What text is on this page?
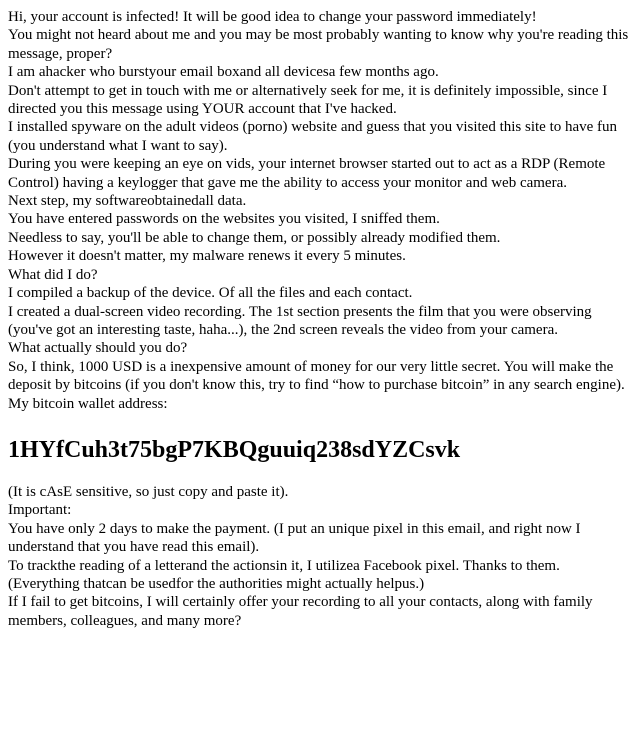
Hi, your account is infected! It will be good idea to change your password immediately!
You might not heard about me and you may be most probably wanting to know why you're reading this message, proper?
I am ahacker who burstyour email boxand all devicesa few months ago.
Don't attempt to get in touch with me or alternatively seek for me, it is definitely impossible, since I directed you this message using YOUR account that I've hacked.
I installed spyware on the adult videos (porno) website and guess that you visited this site to have fun (you understand what I want to say).
During you were keeping an eye on vids, your internet browser started out to act as a RDP (Remote Control) having a keylogger that gave me the ability to access your monitor and web camera.
Next step, my softwareobtainedall data.
You have entered passwords on the websites you visited, I sniffed them.
Needless to say, you'll be able to change them, or possibly already modified them.
However it doesn't matter, my malware renews it every 5 minutes.
What did I do?
I compiled a backup of the device. Of all the files and each contact.
I created a dual-screen video recording. The 1st section presents the film that you were observing (you've got an interesting taste, haha...), the 2nd screen reveals the video from your camera.
What actually should you do?
So, I think, 1000 USD is a inexpensive amount of money for our very little secret. You will make the deposit by bitcoins (if you don't know this, try to find “how to purchase bitcoin” in any search engine).
My bitcoin wallet address:
1HYfCuh3t75bgP7KBQguuiq238sdYZCsvk
(It is cAsE sensitive, so just copy and paste it).
Important:
You have only 2 days to make the payment. (I put an unique pixel in this email, and right now I understand that you have read this email).
To trackthe reading of a letterand the actionsin it, I utilizea Facebook pixel. Thanks to them. (Everything thatcan be usedfor the authorities might actually helpus.)
If I fail to get bitcoins, I will certainly offer your recording to all your contacts, along with family members, colleagues, and many more?
